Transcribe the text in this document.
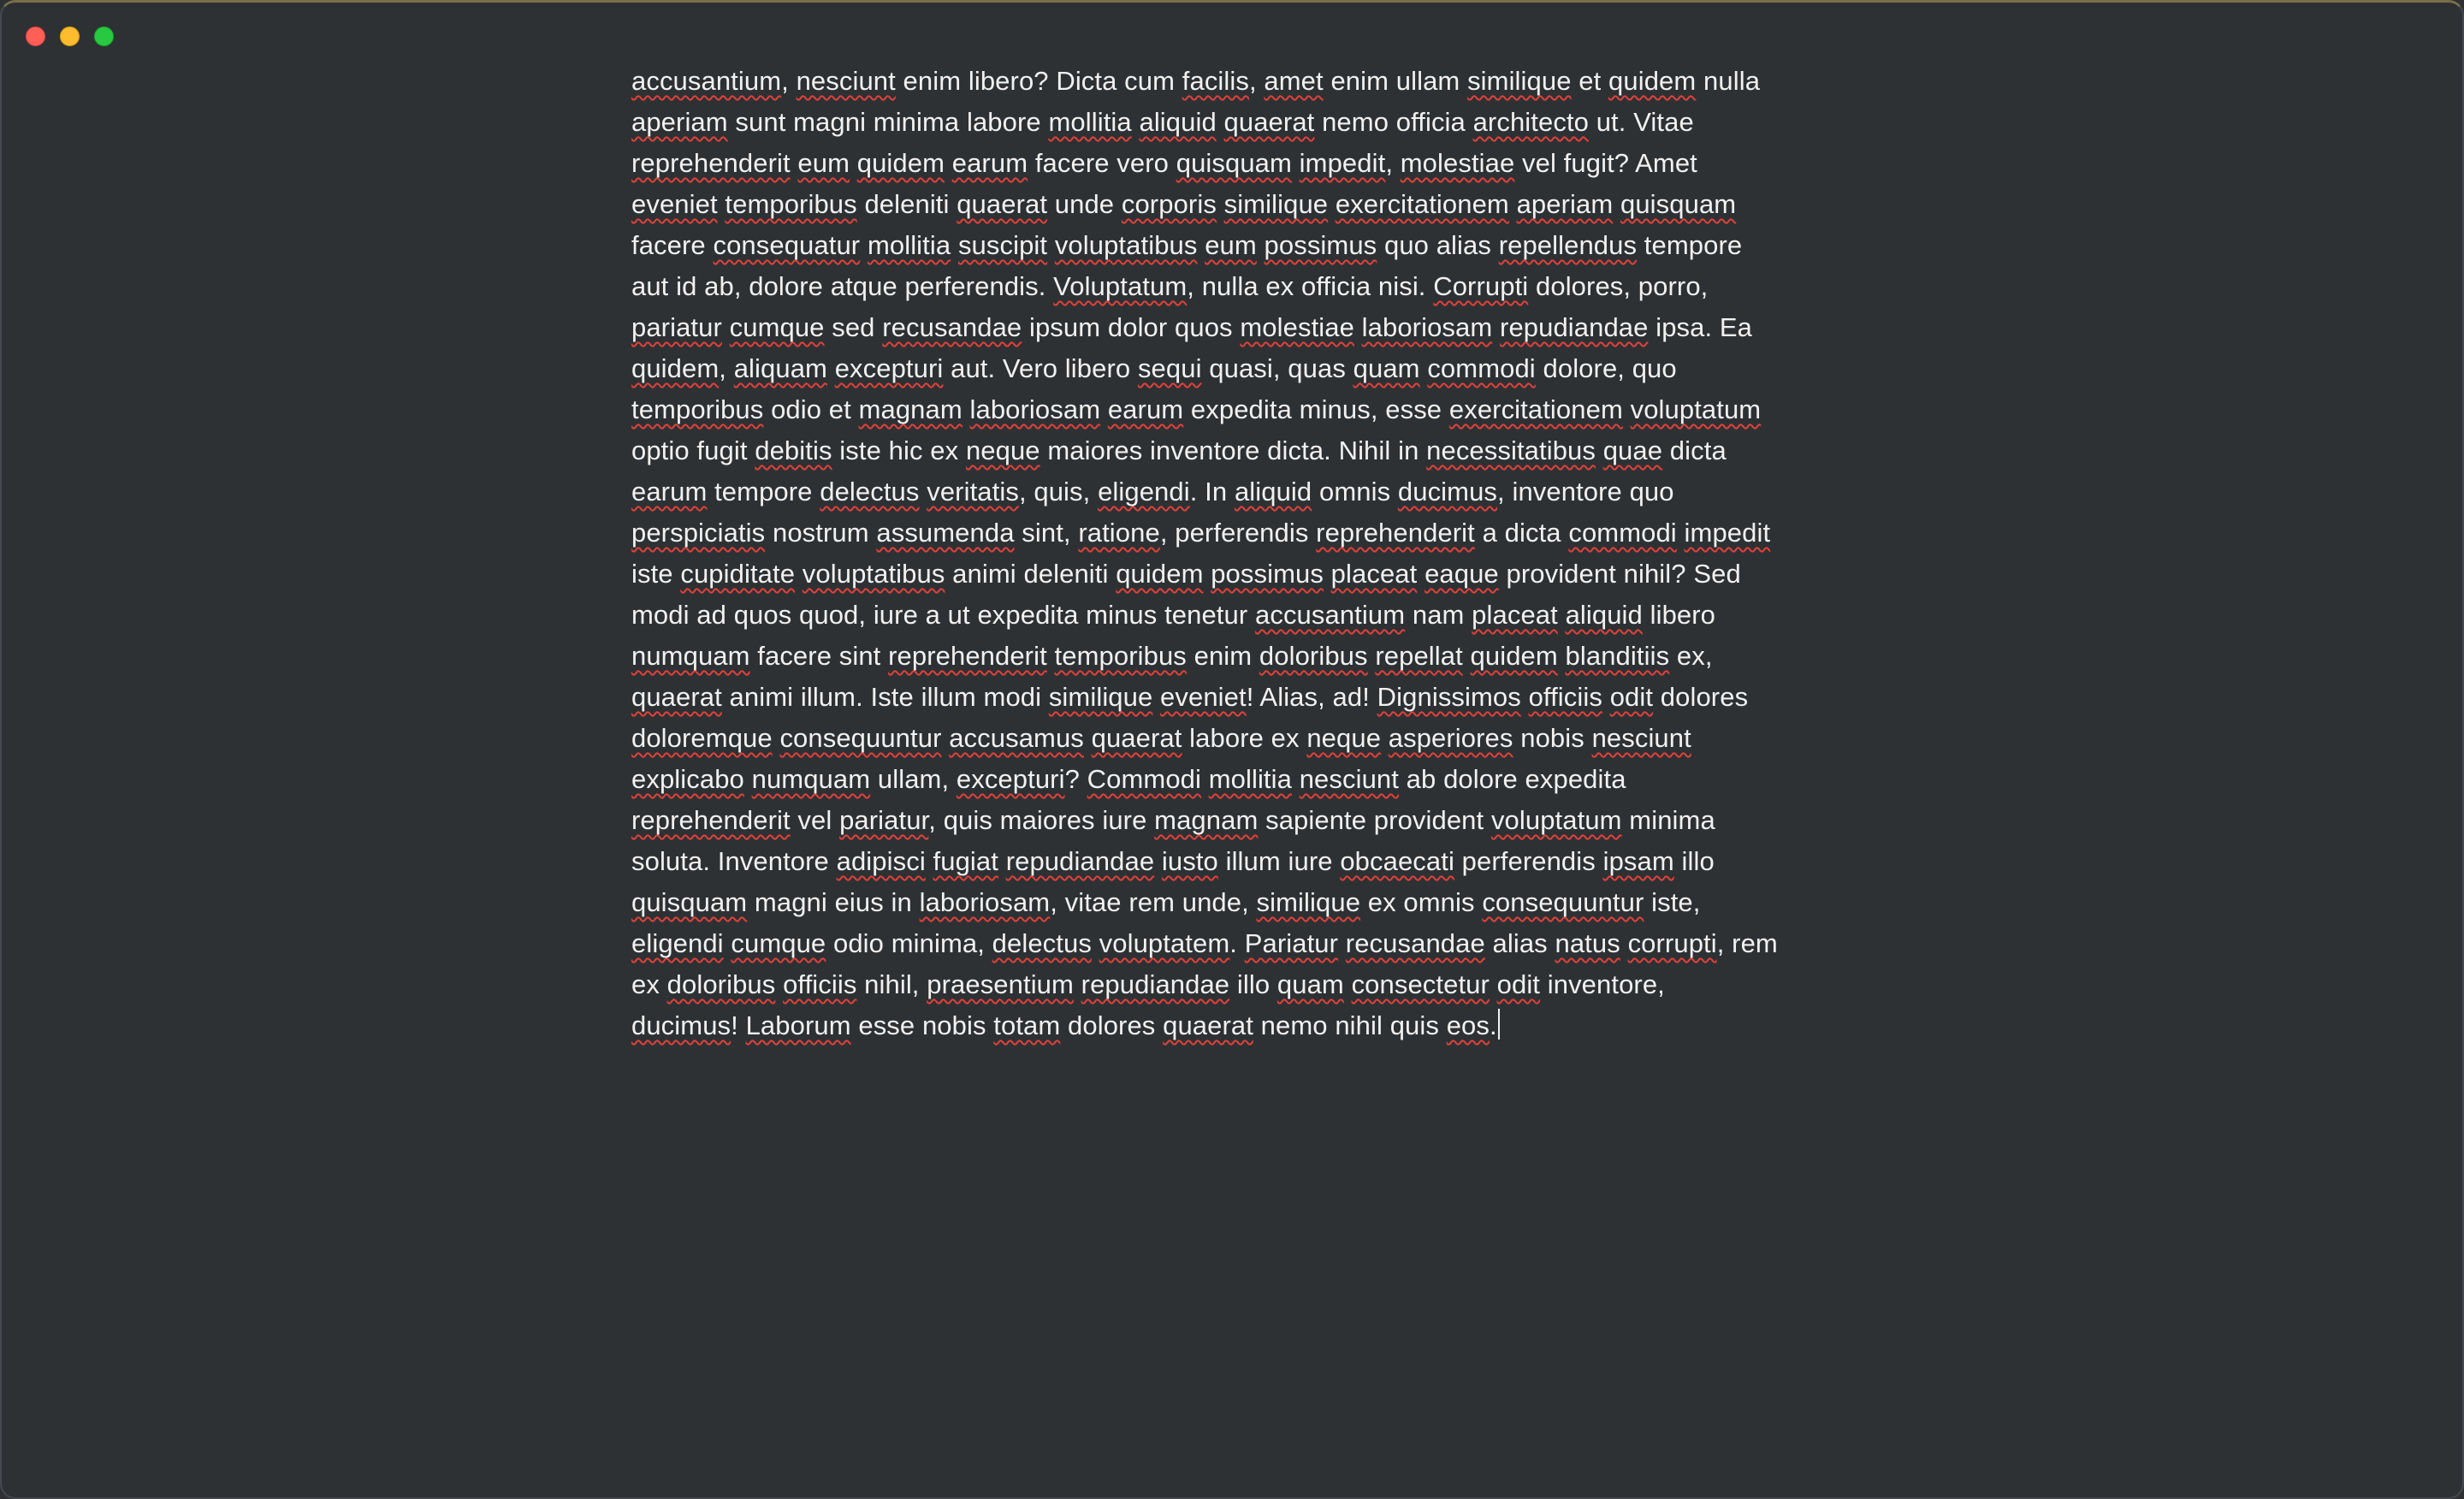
accusantium, nesciunt enim libero? Dicta cum facilis, amet enim ullam similique et quidem nulla
aperiam sunt magni minima labore mollitia aliquid quaerat nemo officia architecto ut. Vitae
reprehenderit eum quidem earum facere vero quisquam impedit, molestiae vel fugit? Amet
eveniet temporibus deleniti quaerat unde corporis similique exercitationem aperiam quisquam
facere consequatur mollitia suscipit voluptatibus eum possimus quo alias repellendus tempore
aut id ab, dolore atque perferendis. Voluptatum, nulla ex officia nisi. Corrupti dolores, porro,
pariatur cumque sed recusandae ipsum dolor quos molestiae laboriosam repudiandae ipsa. Ea
quidem, aliquam excepturi aut. Vero libero sequi quasi, quas quam commodi dolore, quo
temporibus odio et magnam laboriosam earum expedita minus, esse exercitationem voluptatum
optio fugit debitis iste hic ex neque maiores inventore dicta. Nihil in necessitatibus quae dicta
earum tempore delectus veritatis, quis, eligendi. In aliquid omnis ducimus, inventore quo
perspiciatis nostrum assumenda sint, ratione, perferendis reprehenderit a dicta commodi impedit
iste cupiditate voluptatibus animi deleniti quidem possimus placeat eaque provident nihil? Sed
modi ad quos quod, iure a ut expedita minus tenetur accusantium nam placeat aliquid libero
numquam facere sint reprehenderit temporibus enim doloribus repellat quidem blanditiis ex,
quaerat animi illum. Iste illum modi similique eveniet! Alias, ad! Dignissimos officiis odit dolores
doloremque consequuntur accusamus quaerat labore ex neque asperiores nobis nesciunt
explicabo numquam ullam, excepturi? Commodi mollitia nesciunt ab dolore expedita
reprehenderit vel pariatur, quis maiores iure magnam sapiente provident voluptatum minima
soluta. Inventore adipisci fugiat repudiandae iusto illum iure obcaecati perferendis ipsam illo
quisquam magni eius in laboriosam, vitae rem unde, similique ex omnis consequuntur iste,
eligendi cumque odio minima, delectus voluptatem. Pariatur recusandae alias natus corrupti, rem
ex doloribus officiis nihil, praesentium repudiandae illo quam consectetur odit inventore,
ducimus! Laborum esse nobis totam dolores quaerat nemo nihil quis eos.
